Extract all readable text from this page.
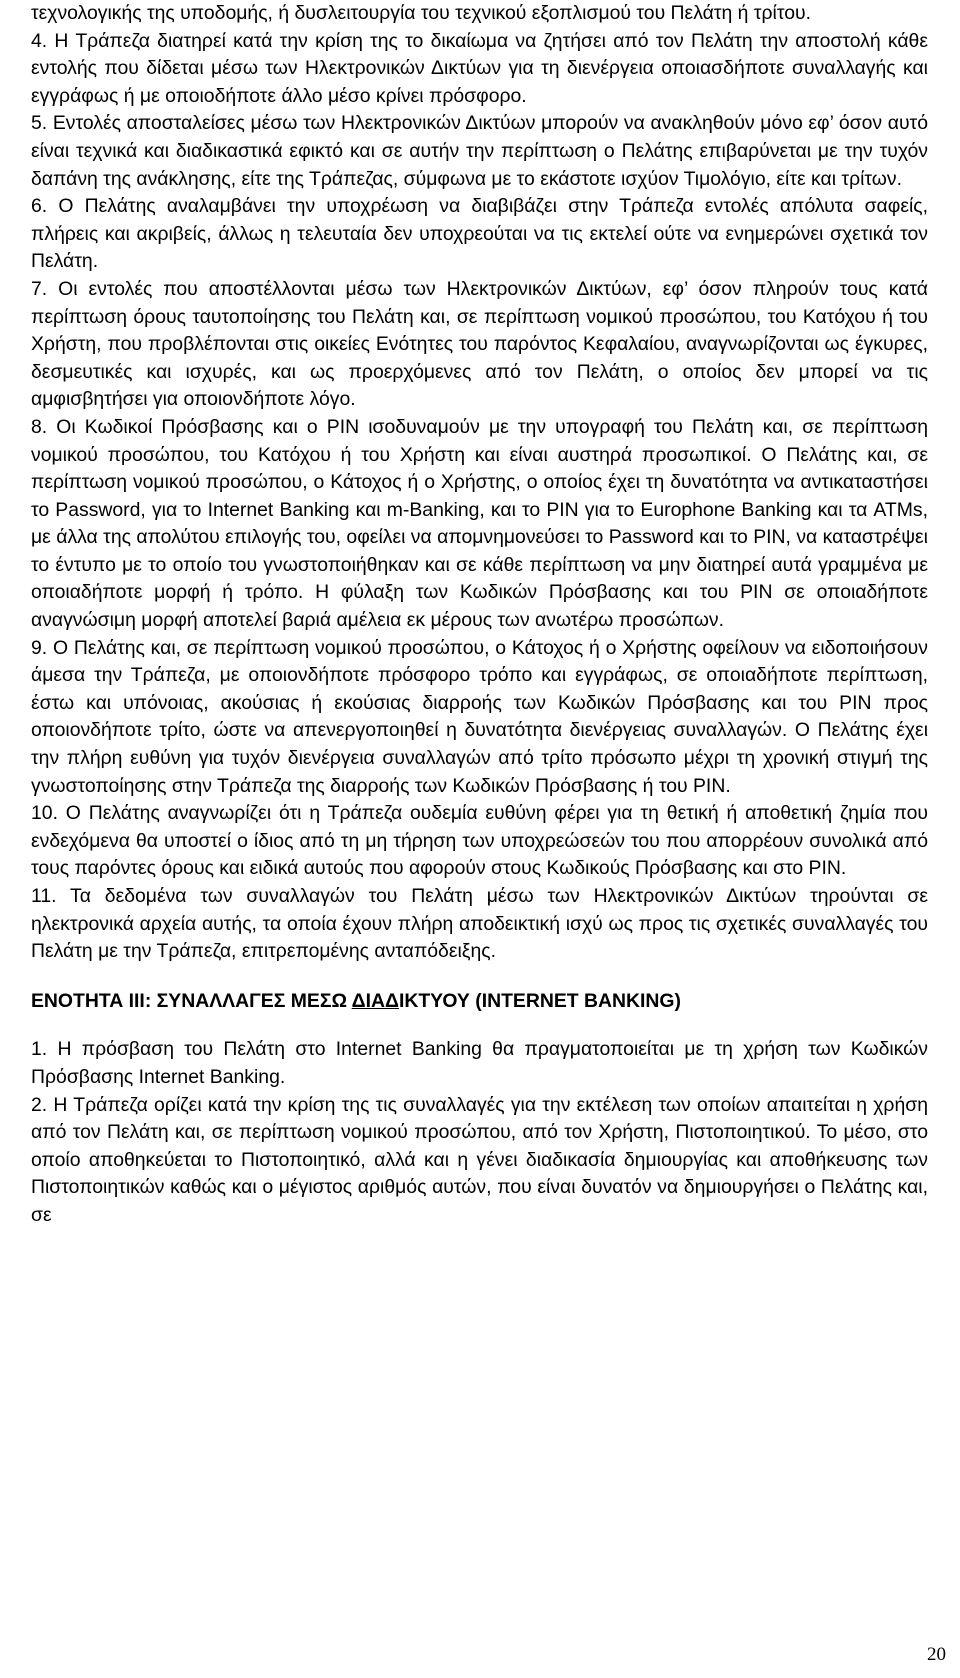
τεχνολογικής της υποδομής, ή δυσλειτουργία του τεχνικού εξοπλισμού του Πελάτη ή τρίτου.

4. Η Τράπεζα διατηρεί κατά την κρίση της το δικαίωμα να ζητήσει από τον Πελάτη την αποστολή κάθε εντολής που δίδεται μέσω των Ηλεκτρονικών Δικτύων για τη διενέργεια οποιασδήποτε συναλλαγής και εγγράφως ή με οποιοδήποτε άλλο μέσο κρίνει πρόσφορο.

5. Εντολές αποσταλείσες μέσω των Ηλεκτρονικών Δικτύων μπορούν να ανακληθούν μόνο εφ’ όσον αυτό είναι τεχνικά και διαδικαστικά εφικτό και σε αυτήν την περίπτωση ο Πελάτης επιβαρύνεται με την τυχόν δαπάνη της ανάκλησης, είτε της Τράπεζας, σύμφωνα με το εκάστοτε ισχύον Τιμολόγιο, είτε και τρίτων.

6. Ο Πελάτης αναλαμβάνει την υποχρέωση να διαβιβάζει στην Τράπεζα εντολές απόλυτα σαφείς, πλήρεις και ακριβείς, άλλως η τελευταία δεν υποχρεούται να τις εκτελεί ούτε να ενημερώνει σχετικά τον Πελάτη.

7. Οι εντολές που αποστέλλονται μέσω των Ηλεκτρονικών Δικτύων, εφ’ όσον πληρούν τους κατά περίπτωση όρους ταυτοποίησης του Πελάτη και, σε περίπτωση νομικού προσώπου, του Κατόχου ή του Χρήστη, που προβλέπονται στις οικείες Ενότητες του παρόντος Κεφαλαίου, αναγνωρίζονται ως έγκυρες, δεσμευτικές και ισχυρές, και ως προερχόμενες από τον Πελάτη, ο οποίος δεν μπορεί να τις αμφισβητήσει για οποιονδήποτε λόγο.

8. Οι Κωδικοί Πρόσβασης και ο PIN ισοδυναμούν με την υπογραφή του Πελάτη και, σε περίπτωση νομικού προσώπου, του Κατόχου ή του Χρήστη και είναι αυστηρά προσωπικοί. Ο Πελάτης και, σε περίπτωση νομικού προσώπου, ο Κάτοχος ή ο Χρήστης, ο οποίος έχει τη δυνατότητα να αντικαταστήσει το Password, για το Internet Banking και m-Banking, και το PIN για το Europhone Banking και τα ATMs, με άλλα της απολύτου επιλογής του, οφείλει να απομνημονεύσει το Password και το PIN, να καταστρέψει το έντυπο με το οποίο του γνωστοποιήθηκαν και σε κάθε περίπτωση να μην διατηρεί αυτά γραμμένα με οποιαδήποτε μορφή ή τρόπο. Η φύλαξη των Κωδικών Πρόσβασης και του PIN σε οποιαδήποτε αναγνώσιμη μορφή αποτελεί βαριά αμέλεια εκ μέρους των ανωτέρω προσώπων.

9. Ο Πελάτης και, σε περίπτωση νομικού προσώπου, ο Κάτοχος ή ο Χρήστης οφείλουν να ειδοποιήσουν άμεσα την Τράπεζα, με οποιονδήποτε πρόσφορο τρόπο και εγγράφως, σε οποιαδήποτε περίπτωση, έστω και υπόνοιας, ακούσιας ή εκούσιας διαρροής των Κωδικών Πρόσβασης και του PIN προς οποιονδήποτε τρίτο, ώστε να απενεργοποιηθεί η δυνατότητα διενέργειας συναλλαγών. Ο Πελάτης έχει την πλήρη ευθύνη για τυχόν διενέργεια συναλλαγών από τρίτο πρόσωπο μέχρι τη χρονική στιγμή της γνωστοποίησης στην Τράπεζα της διαρροής των Κωδικών Πρόσβασης ή του PIN.

10. Ο Πελάτης αναγνωρίζει ότι η Τράπεζα ουδεμία ευθύνη φέρει για τη θετική ή αποθετική ζημία που ενδεχόμενα θα υποστεί ο ίδιος από τη μη τήρηση των υποχρεώσεών του που απορρέουν συνολικά από τους παρόντες όρους και ειδικά αυτούς που αφορούν στους Κωδικούς Πρόσβασης και στο PIN.

11. Τα δεδομένα των συναλλαγών του Πελάτη μέσω των Ηλεκτρονικών Δικτύων τηρούνται σε ηλεκτρονικά αρχεία αυτής, τα οποία έχουν πλήρη αποδεικτική ισχύ ως προς τις σχετικές συναλλαγές του Πελάτη με την Τράπεζα, επιτρεπομένης ανταπόδειξης.

ΕΝΟΤΗΤΑ III: ΣΥΝΑΛΛΑΓΕΣ ΜΕΣΩ ΔΙΑΔΙΚΤΥΟΥ (INTERNET BANKING)

1. Η πρόσβαση του Πελάτη στο Internet Banking θα πραγματοποιείται με τη χρήση των Κωδικών Πρόσβασης Internet Banking.

2. Η Τράπεζα ορίζει κατά την κρίση της τις συναλλαγές για την εκτέλεση των οποίων απαιτείται η χρήση από τον Πελάτη και, σε περίπτωση νομικού προσώπου, από τον Χρήστη, Πιστοποιητικού. Το μέσο, στο οποίο αποθηκεύεται το Πιστοποιητικό, αλλά και η γένει διαδικασία δημιουργίας και αποθήκευσης των Πιστοποιητικών καθώς και ο μέγιστος αριθμός αυτών, που είναι δυνατόν να δημιουργήσει ο Πελάτης και, σε

20
